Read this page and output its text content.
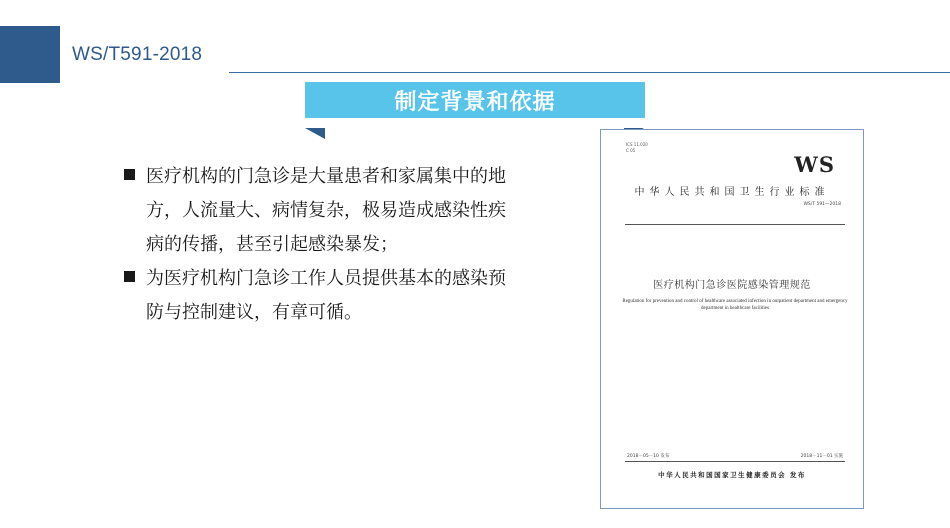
WS/T591-2018
制定背景和依据
医疗机构的门急诊是大量患者和家属集中的地方，人流量大、病情复杂，极易造成感染性疾病的传播，甚至引起感染暴发；
为医疗机构门急诊工作人员提供基本的感染预防与控制建议，有章可循。
ICS 11.020
C 05
WS
中华人民共和国卫生行业标准
WS/T 591—2018
医疗机构门急诊医院感染管理规范
Regulation for prevention and control of healthcare associated infection in outpatient department and emergency department in healthcare facilities
2018－05－10 发布	2018－11－01 实施
中华人民共和国国家卫生健康委员会 发布
